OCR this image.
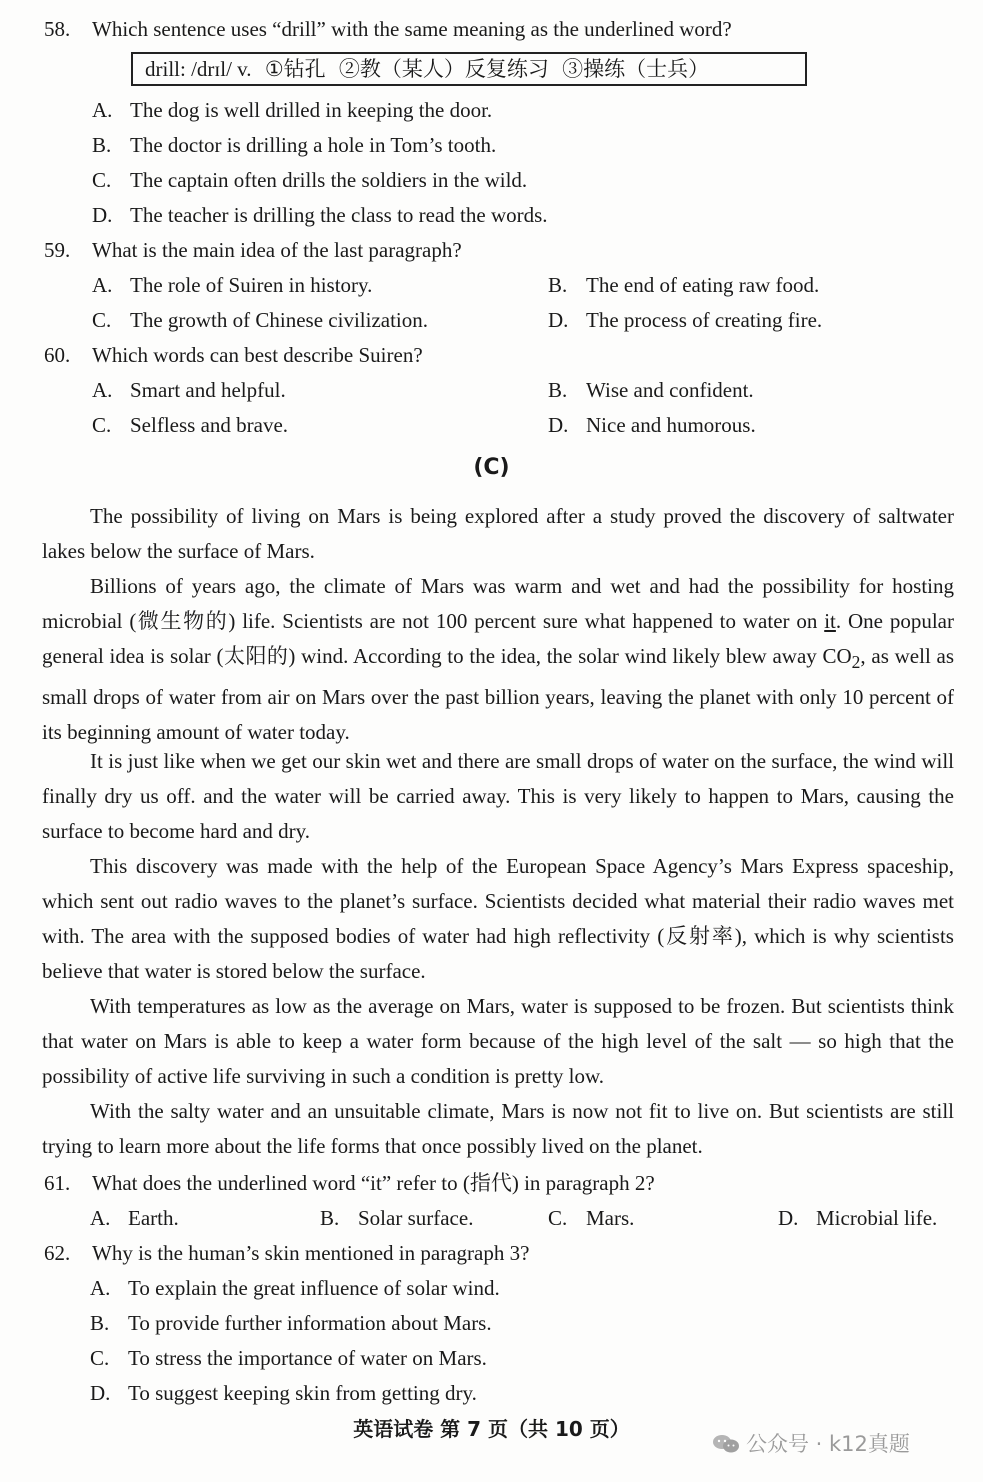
58. Which sentence uses “drill” with the same meaning as the underlined word?
drill: /drɪl/ v. ①钻孔 ②教（某人）反复练习 ③操练（士兵）
A. The dog is well drilled in keeping the door.
B. The doctor is drilling a hole in Tom’s tooth.
C. The captain often drills the soldiers in the wild.
D. The teacher is drilling the class to read the words.
59. What is the main idea of the last paragraph?
A. The role of Suiren in history.	B. The end of eating raw food.
C. The growth of Chinese civilization.	D. The process of creating fire.
60. Which words can best describe Suiren?
A. Smart and helpful.	B. Wise and confident.
C. Selfless and brave.	D. Nice and humorous.
(C)
The possibility of living on Mars is being explored after a study proved the discovery of saltwater lakes below the surface of Mars.
Billions of years ago, the climate of Mars was warm and wet and had the possibility for hosting microbial (微生物的) life. Scientists are not 100 percent sure what happened to water on it. One popular general idea is solar (太阳的) wind. According to the idea, the solar wind likely blew away $CO_2$, as well as small drops of water from air on Mars over the past billion years, leaving the planet with only 10 percent of its beginning amount of water today.
It is just like when we get our skin wet and there are small drops of water on the surface, the wind will finally dry us off. and the water will be carried away. This is very likely to happen to Mars, causing the surface to become hard and dry.
This discovery was made with the help of the European Space Agency’s Mars Express spaceship, which sent out radio waves to the planet’s surface. Scientists decided what material their radio waves met with. The area with the supposed bodies of water had high reflectivity (反射率), which is why scientists believe that water is stored below the surface.
With temperatures as low as the average on Mars, water is supposed to be frozen. But scientists think that water on Mars is able to keep a water form because of the high level of the salt — so high that the possibility of active life surviving in such a condition is pretty low.
With the salty water and an unsuitable climate, Mars is now not fit to live on. But scientists are still trying to learn more about the life forms that once possibly lived on the planet.
61. What does the underlined word “it” refer to (指代) in paragraph 2?
A. Earth.	B. Solar surface.	C. Mars.	D. Microbial life.
62. Why is the human’s skin mentioned in paragraph 3?
A. To explain the great influence of solar wind.
B. To provide further information about Mars.
C. To stress the importance of water on Mars.
D. To suggest keeping skin from getting dry.
英语试卷 第 7 页（共 10 页）
公众号 · k12真题
